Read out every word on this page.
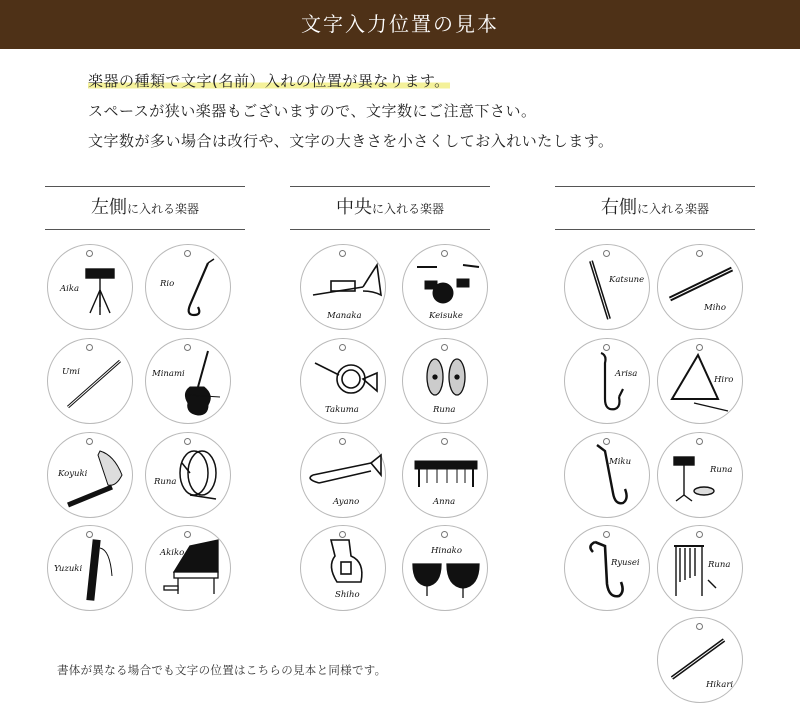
文字入力位置の見本
楽器の種類で文字(名前）入れの位置が異なります。
スペースが狭い楽器もございますので、文字数にご注意下さい。
文字数が多い場合は改行や、文字の大きさを小さくしてお入れいたします。
左側に入れる楽器	中央に入れる楽器	右側に入れる楽器
Aika	Rio
Umi	Minami
Koyuki
Runa
Yuzuki
Akiko
Manaka	Keisuke
Takuma	Runa
Ayano	Anna
Shiho
Hinako
Katsune
Miho
Arisa
Hiro
Miku
Runa
Ryusei	Runa
Hikari
書体が異なる場合でも文字の位置はこちらの見本と同様です。
